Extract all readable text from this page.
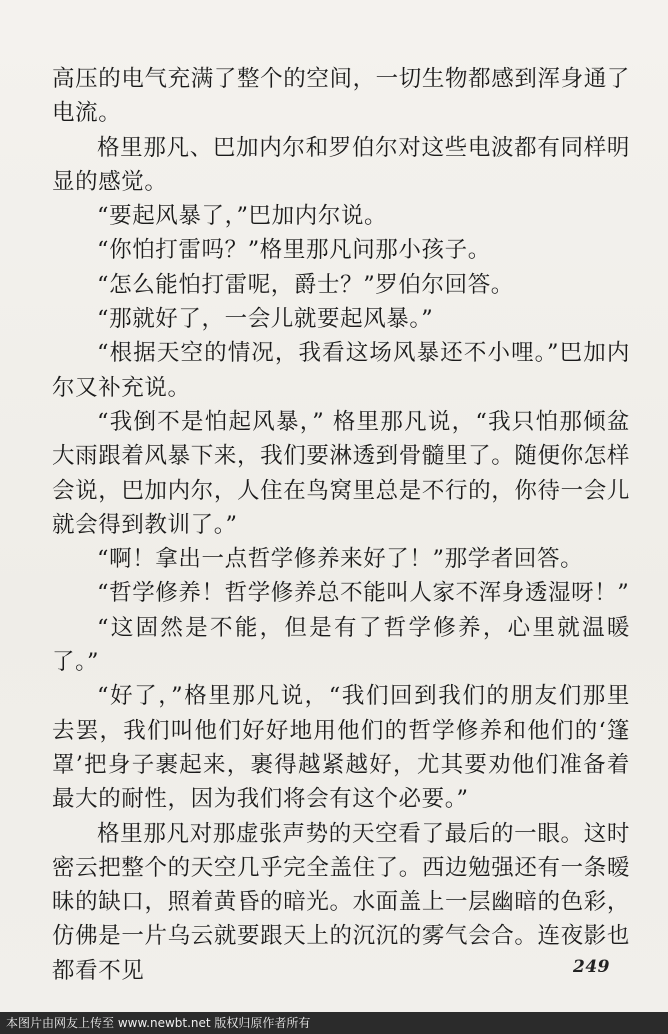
高压的电气充满了整个的空间，一切生物都感到浑身通了电流。

格里那凡、巴加内尔和罗伯尔对这些电波都有同样明显的感觉。

“要起风暴了，”巴加内尔说。

“你怕打雷吗？”格里那凡问那小孩子。

“怎么能怕打雷呢，爵士？”罗伯尔回答。

“那就好了，一会儿就要起风暴。”

“根据天空的情况，我看这场风暴还不小哩。”巴加内尔又补充说。

“我倒不是怕起风暴，” 格里那凡说，“我只怕那倾盆大雨跟着风暴下来，我们要淋透到骨髓里了。随便你怎样会说，巴加内尔，人住在鸟窝里总是不行的，你待一会儿就会得到教训了。”

“啊！拿出一点哲学修养来好了！”那学者回答。

“哲学修养！哲学修养总不能叫人家不浑身透湿呀！”

“这固然是不能，但是有了哲学修养，心里就温暖了。”

“好了，”格里那凡说，“我们回到我们的朋友们那里去罢，我们叫他们好好地用他们的哲学修养和他们的‘篷罩’把身子裹起来，裹得越紧越好，尤其要劝他们准备着最大的耐性，因为我们将会有这个必要。”

格里那凡对那虚张声势的天空看了最后的一眼。这时密云把整个的天空几乎完全盖住了。西边勉强还有一条暧昧的缺口，照着黄昏的暗光。水面盖上一层幽暗的色彩，仿佛是一片乌云就要跟天上的沉沉的雾气会合。连夜影也都看不见	249
本图片由网友上传至 www.newbt.net 版权归原作者所有
